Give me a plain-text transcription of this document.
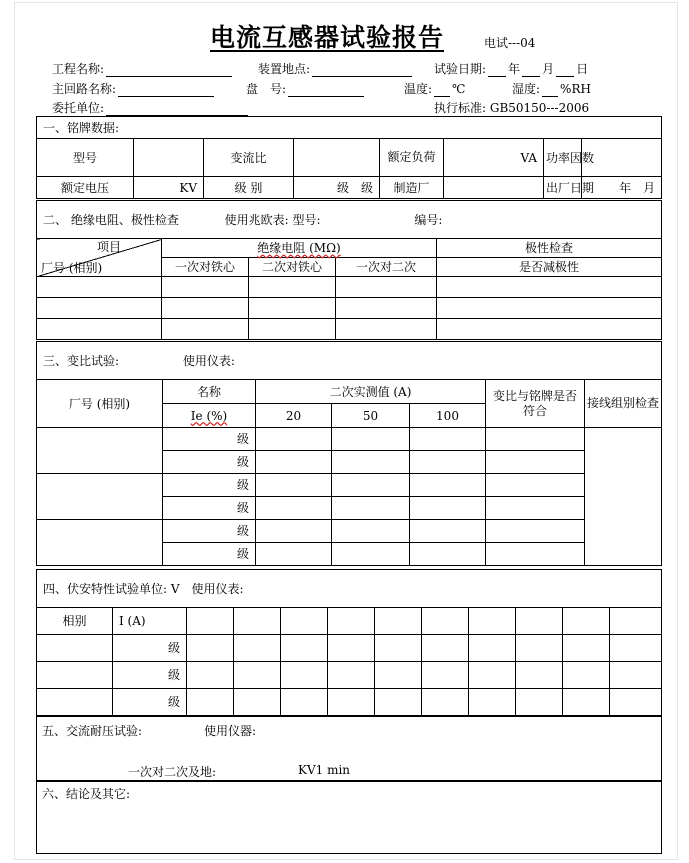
电流互感器试验报告	电试---04
工程名称:	装置地点:	试验日期: 年 月 日
主回路名称:	盘　号:	温度: ℃	湿度: %RH
委托单位:	执行标准: GB50150---2006
一、铭牌数据:							
型号		变流比		额定负荷	VA	功率因数	
额定电压	KV	级 别	级　级	制造厂		出厂日期	年　月
二、 绝缘电阻、极性检查 使用兆欧表: 型号: 编号:				

项目
厂号 (相别)	绝缘电阻 (MΩ)			极性检查
	一次对铁心	二次对铁心	一次对二次	是否减极性

三、变比试验: 使用仪表:						
厂号 (相别)	名称	二次实测值 (A)			变比与铭牌是否符合	接线组别检查
	Ie (%)	20	50	100		
	级					
	级					
	级					
	级					
	级					
	级					
四、伏安特性试验单位: V　使用仪表:											
相别	I (A)										
	级										
	级										
	级										
五、交流耐压试验:	使用仪器:
一次对二次及地:	KV1 min
六、结论及其它:
